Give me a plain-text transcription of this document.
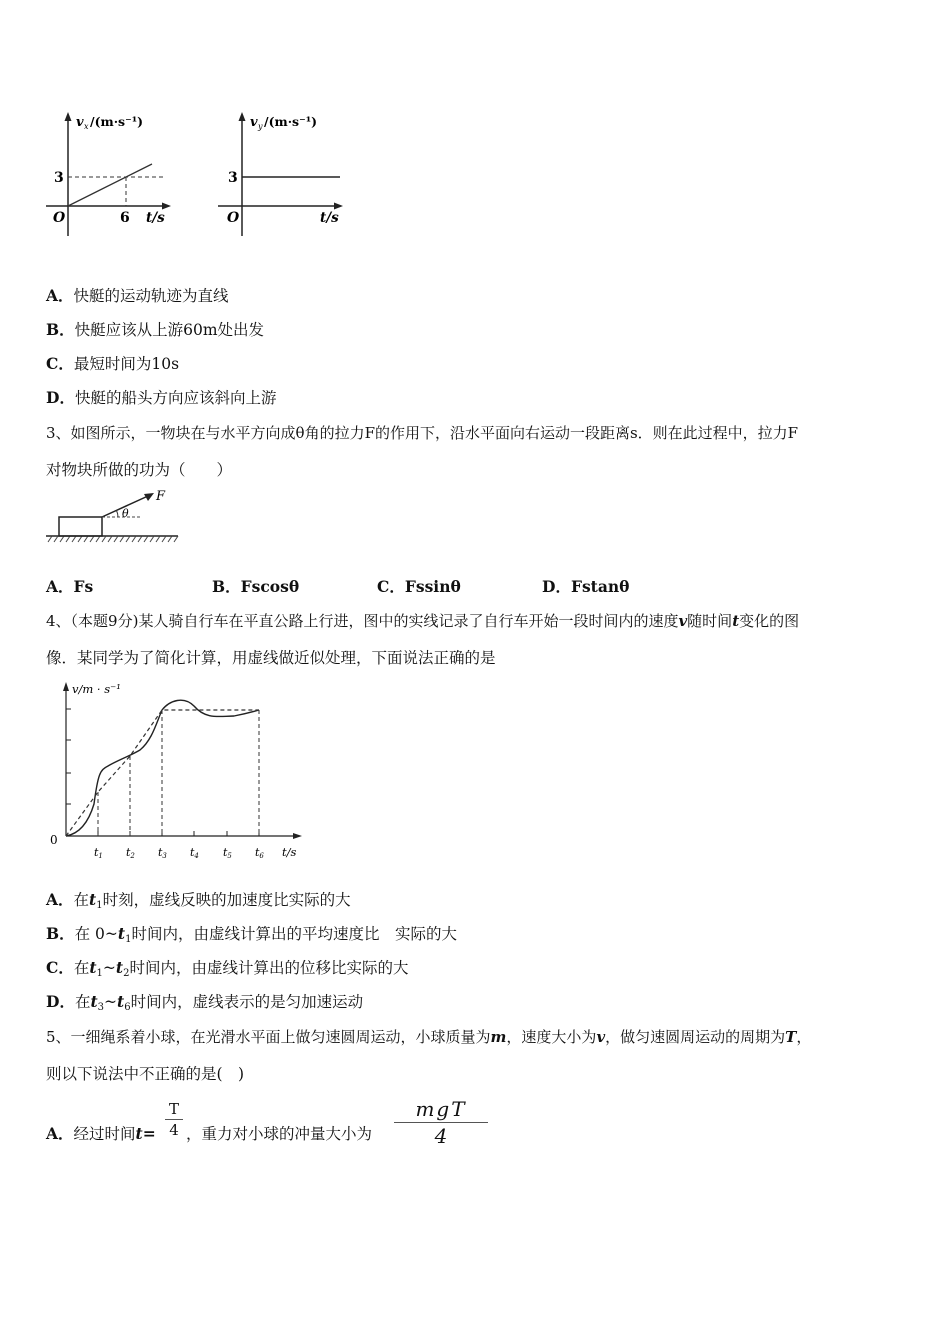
v x /(m·s⁻¹)
3
6
O	t/s
v y /(m·s⁻¹)
3
O	t/s
A．快艇的运动轨迹为直线
B．快艇应该从上游60m处出发
C．最短时间为10s
D．快艇的船头方向应该斜向上游
3、如图所示，一物块在与水平方向成θ角的拉力F的作用下，沿水平面向右运动一段距离s．则在此过程中，拉力F
对物块所做的功为（　　）
F
θ
A．Fs	B．Fscosθ	C．Fssinθ	D．Fstanθ
4、（本题9分)某人骑自行车在平直公路上行进，图中的实线记录了自行车开始一段时间内的速度v随时间t变化的图
像．某同学为了简化计算，用虚线做近似处理，下面说法正确的是
v/m · s⁻¹
0
t/s
t1 t2 t3 t4 t5 t6
A．在$t_1$时刻，虚线反映的加速度比实际的大
B．在 $0\sim t_1$时间内，由虚线计算出的平均速度比　实际的大
C．在$t_1\sim t_2$时间内，由虚线计算出的位移比实际的大
D．在$t_3\sim t_6$时间内，虚线表示的是匀加速运动
5、一细绳系着小球，在光滑水平面上做匀速圆周运动，小球质量为m，速度大小为v，做匀速圆周运动的周期为T，
则以下说法中不正确的是(　)
A．经过时间t=
T
4 ，重力对小球的冲量大小为
mgT
4
